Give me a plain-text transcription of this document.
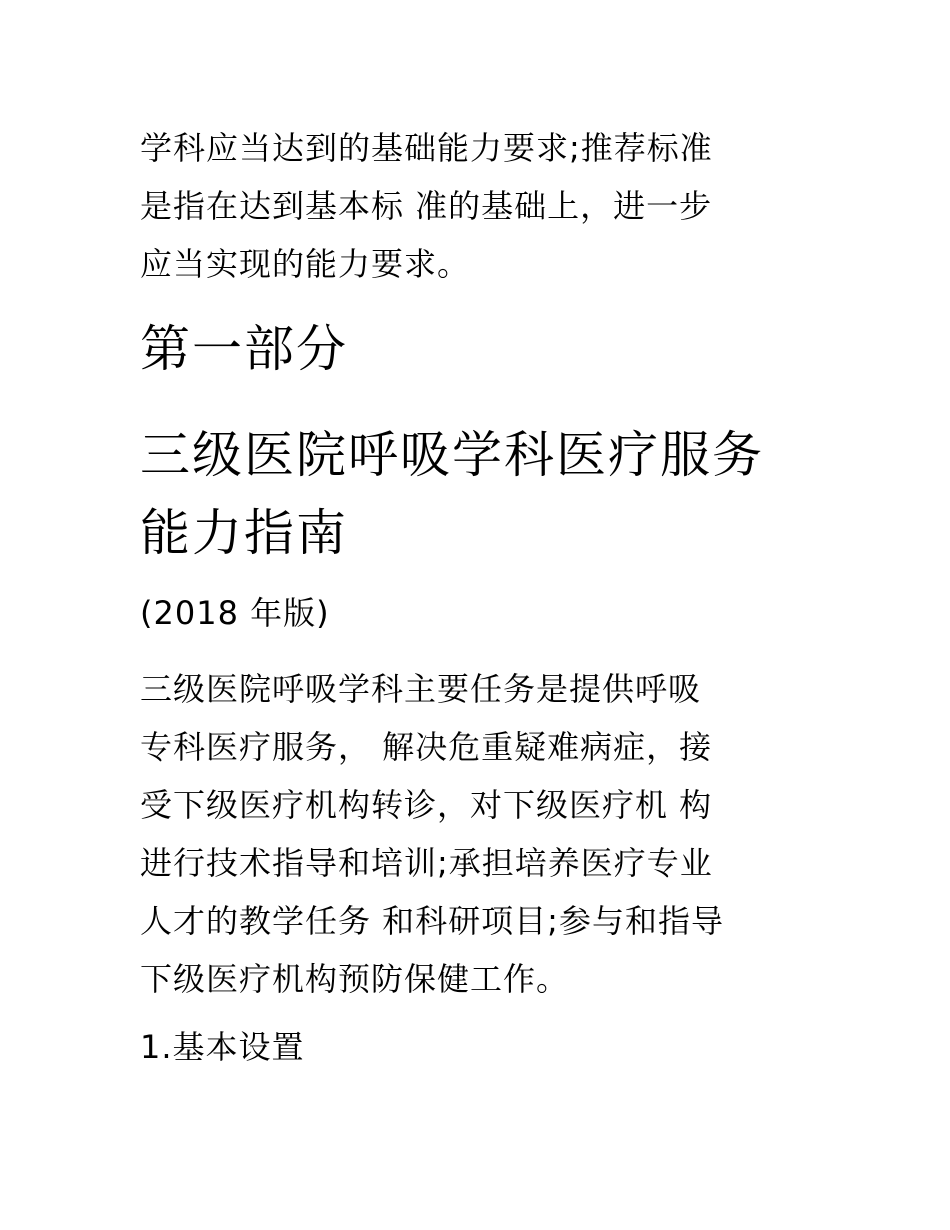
学科应当达到的基础能力要求;推荐标准
是指在达到基本标 准的基础上，进一步
应当实现的能力要求。
第一部分
三级医院呼吸学科医疗服务
能力指南
(2018 年版)
三级医院呼吸学科主要任务是提供呼吸
专科医疗服务， 解决危重疑难病症，接
受下级医疗机构转诊，对下级医疗机 构
进行技术指导和培训;承担培养医疗专业
人才的教学任务 和科研项目;参与和指导
下级医疗机构预防保健工作。
1.基本设置
